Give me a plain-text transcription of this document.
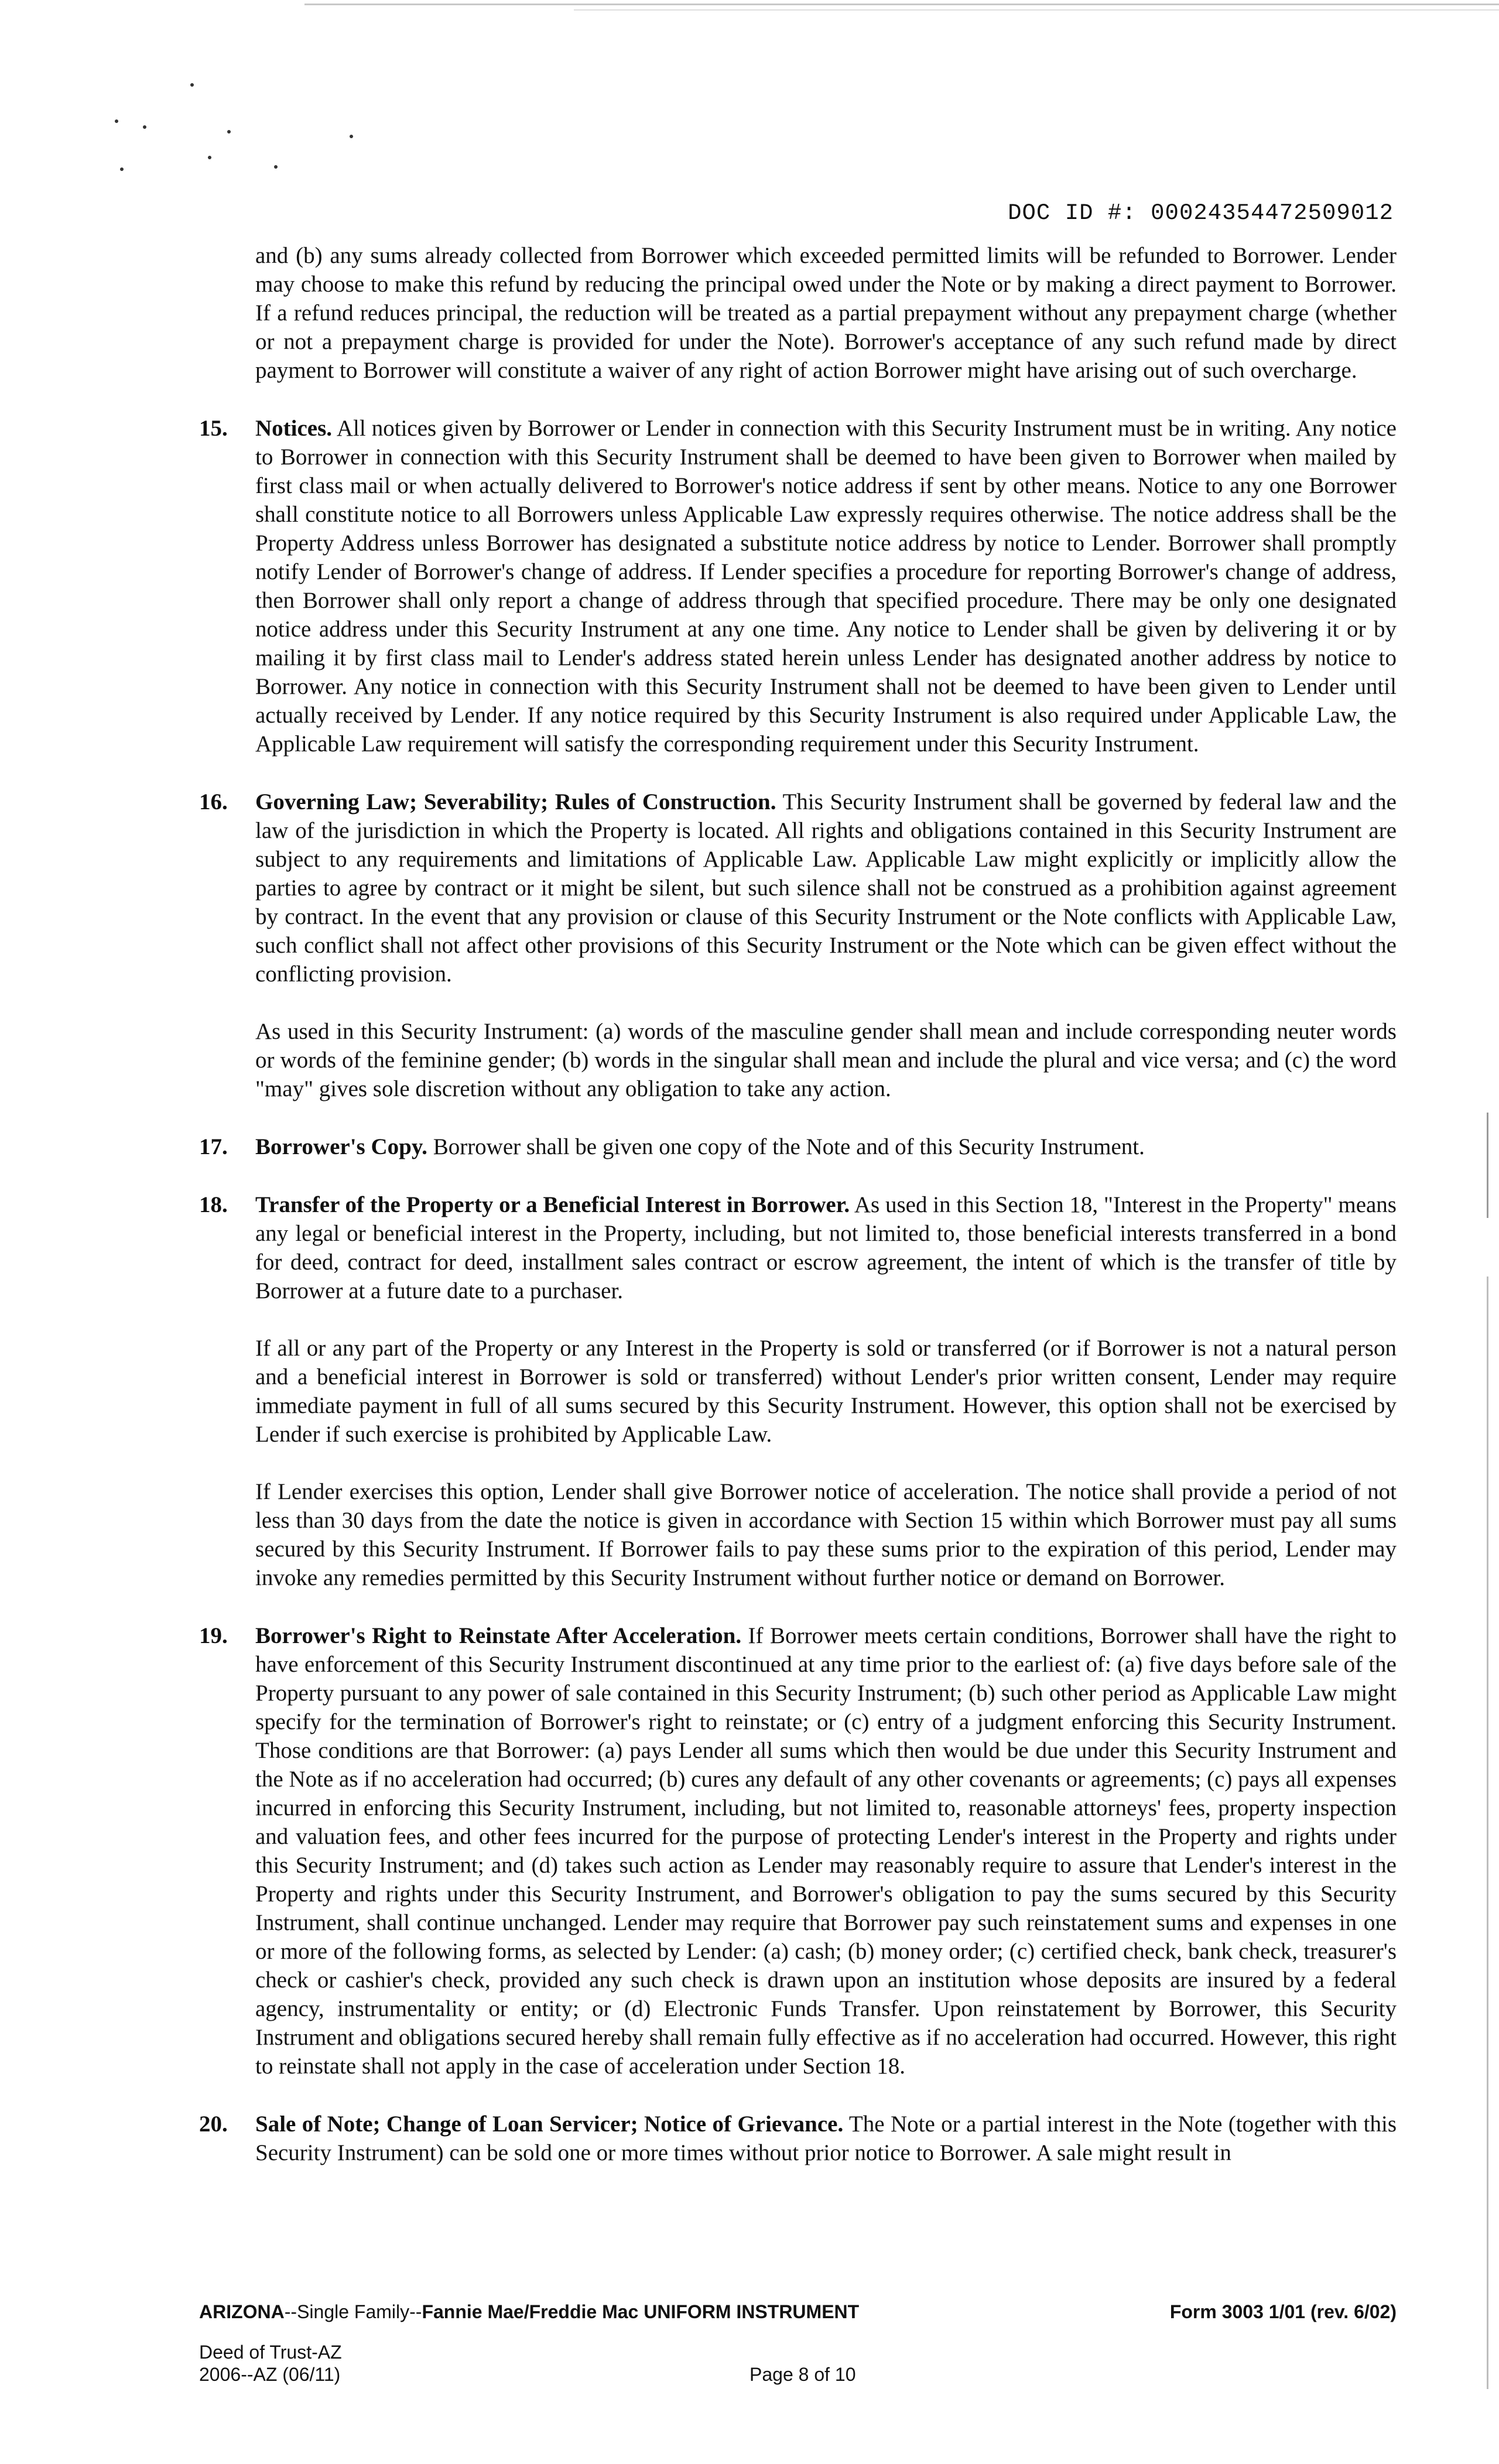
DOC ID #: 00024354472509012

and (b) any sums already collected from Borrower which exceeded permitted limits will be refunded to Borrower. Lender may choose to make this refund by reducing the principal owed under the Note or by making a direct payment to Borrower. If a refund reduces principal, the reduction will be treated as a partial prepayment without any prepayment charge (whether or not a prepayment charge is provided for under the Note). Borrower's acceptance of any such refund made by direct payment to Borrower will constitute a waiver of any right of action Borrower might have arising out of such overcharge.

15. Notices. All notices given by Borrower or Lender in connection with this Security Instrument must be in writing. Any notice to Borrower in connection with this Security Instrument shall be deemed to have been given to Borrower when mailed by first class mail or when actually delivered to Borrower's notice address if sent by other means. Notice to any one Borrower shall constitute notice to all Borrowers unless Applicable Law expressly requires otherwise. The notice address shall be the Property Address unless Borrower has designated a substitute notice address by notice to Lender. Borrower shall promptly notify Lender of Borrower's change of address. If Lender specifies a procedure for reporting Borrower's change of address, then Borrower shall only report a change of address through that specified procedure. There may be only one designated notice address under this Security Instrument at any one time. Any notice to Lender shall be given by delivering it or by mailing it by first class mail to Lender's address stated herein unless Lender has designated another address by notice to Borrower. Any notice in connection with this Security Instrument shall not be deemed to have been given to Lender until actually received by Lender. If any notice required by this Security Instrument is also required under Applicable Law, the Applicable Law requirement will satisfy the corresponding requirement under this Security Instrument.

16. Governing Law; Severability; Rules of Construction. This Security Instrument shall be governed by federal law and the law of the jurisdiction in which the Property is located. All rights and obligations contained in this Security Instrument are subject to any requirements and limitations of Applicable Law. Applicable Law might explicitly or implicitly allow the parties to agree by contract or it might be silent, but such silence shall not be construed as a prohibition against agreement by contract. In the event that any provision or clause of this Security Instrument or the Note conflicts with Applicable Law, such conflict shall not affect other provisions of this Security Instrument or the Note which can be given effect without the conflicting provision.

As used in this Security Instrument: (a) words of the masculine gender shall mean and include corresponding neuter words or words of the feminine gender; (b) words in the singular shall mean and include the plural and vice versa; and (c) the word "may" gives sole discretion without any obligation to take any action.

17. Borrower's Copy. Borrower shall be given one copy of the Note and of this Security Instrument.

18. Transfer of the Property or a Beneficial Interest in Borrower. As used in this Section 18, "Interest in the Property" means any legal or beneficial interest in the Property, including, but not limited to, those beneficial interests transferred in a bond for deed, contract for deed, installment sales contract or escrow agreement, the intent of which is the transfer of title by Borrower at a future date to a purchaser.

If all or any part of the Property or any Interest in the Property is sold or transferred (or if Borrower is not a natural person and a beneficial interest in Borrower is sold or transferred) without Lender's prior written consent, Lender may require immediate payment in full of all sums secured by this Security Instrument. However, this option shall not be exercised by Lender if such exercise is prohibited by Applicable Law.

If Lender exercises this option, Lender shall give Borrower notice of acceleration. The notice shall provide a period of not less than 30 days from the date the notice is given in accordance with Section 15 within which Borrower must pay all sums secured by this Security Instrument. If Borrower fails to pay these sums prior to the expiration of this period, Lender may invoke any remedies permitted by this Security Instrument without further notice or demand on Borrower.

19. Borrower's Right to Reinstate After Acceleration. If Borrower meets certain conditions, Borrower shall have the right to have enforcement of this Security Instrument discontinued at any time prior to the earliest of: (a) five days before sale of the Property pursuant to any power of sale contained in this Security Instrument; (b) such other period as Applicable Law might specify for the termination of Borrower's right to reinstate; or (c) entry of a judgment enforcing this Security Instrument. Those conditions are that Borrower: (a) pays Lender all sums which then would be due under this Security Instrument and the Note as if no acceleration had occurred; (b) cures any default of any other covenants or agreements; (c) pays all expenses incurred in enforcing this Security Instrument, including, but not limited to, reasonable attorneys' fees, property inspection and valuation fees, and other fees incurred for the purpose of protecting Lender's interest in the Property and rights under this Security Instrument; and (d) takes such action as Lender may reasonably require to assure that Lender's interest in the Property and rights under this Security Instrument, and Borrower's obligation to pay the sums secured by this Security Instrument, shall continue unchanged. Lender may require that Borrower pay such reinstatement sums and expenses in one or more of the following forms, as selected by Lender: (a) cash; (b) money order; (c) certified check, bank check, treasurer's check or cashier's check, provided any such check is drawn upon an institution whose deposits are insured by a federal agency, instrumentality or entity; or (d) Electronic Funds Transfer. Upon reinstatement by Borrower, this Security Instrument and obligations secured hereby shall remain fully effective as if no acceleration had occurred. However, this right to reinstate shall not apply in the case of acceleration under Section 18.

20. Sale of Note; Change of Loan Servicer; Notice of Grievance. The Note or a partial interest in the Note (together with this Security Instrument) can be sold one or more times without prior notice to Borrower. A sale might result in

ARIZONA--Single Family--Fannie Mae/Freddie Mac UNIFORM INSTRUMENT	Form 3003 1/01 (rev. 6/02)
Deed of Trust-AZ
2006--AZ (06/11)	Page 8 of 10
